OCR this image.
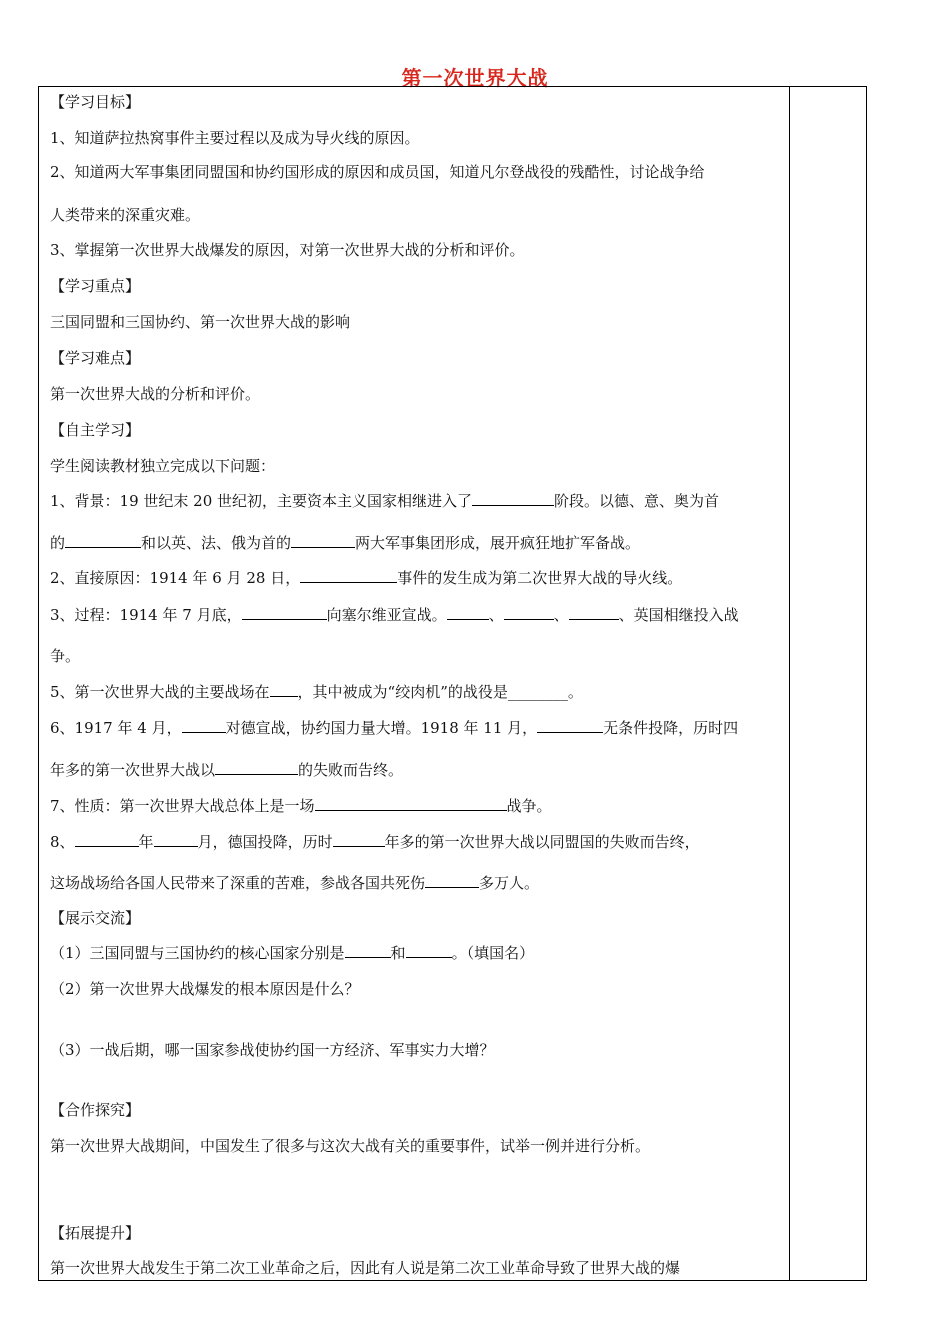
第一次世界大战
【学习目标】
1、知道萨拉热窝事件主要过程以及成为导火线的原因。
2、知道两大军事集团同盟国和协约国形成的原因和成员国，知道凡尔登战役的残酷性，讨论战争给
人类带来的深重灾难。
3、掌握第一次世界大战爆发的原因，对第一次世界大战的分析和评价。
【学习重点】
三国同盟和三国协约、第一次世界大战的影响
【学习难点】
第一次世界大战的分析和评价。
【自主学习】
学生阅读教材独立完成以下问题：
1、背景：19 世纪末 20 世纪初，主要资本主义国家相继进入了	阶段。以德、意、奥为首
的	和以英、法、俄为首的	两大军事集团形成，展开疯狂地扩军备战。
2、直接原因：1914 年 6 月 28 日，	事件的发生成为第二次世界大战的导火线。
3、过程：1914 年 7 月底，	向塞尔维亚宣战。	、	、	、英国相继投入战
争。
5、第一次世界大战的主要战场在 ，其中被成为“绞肉机”的战役是________。
6、1917 年 4 月，	对德宣战，协约国力量大增。1918 年 11 月，	无条件投降，历时四
年多的第一次世界大战以	的失败而告终。
7、性质：第一次世界大战总体上是一场	战争。
8、	年	月，德国投降，历时	年多的第一次世界大战以同盟国的失败而告终，
这场战场给各国人民带来了深重的苦难，参战各国共死伤	多万人。
【展示交流】
（1）三国同盟与三国协约的核心国家分别是	和	。（填国名）
（2）第一次世界大战爆发的根本原因是什么？
（3）一战后期，哪一国家参战使协约国一方经济、军事实力大增？
【合作探究】
第一次世界大战期间，中国发生了很多与这次大战有关的重要事件，试举一例并进行分析。
【拓展提升】
第一次世界大战发生于第二次工业革命之后，因此有人说是第二次工业革命导致了世界大战的爆
